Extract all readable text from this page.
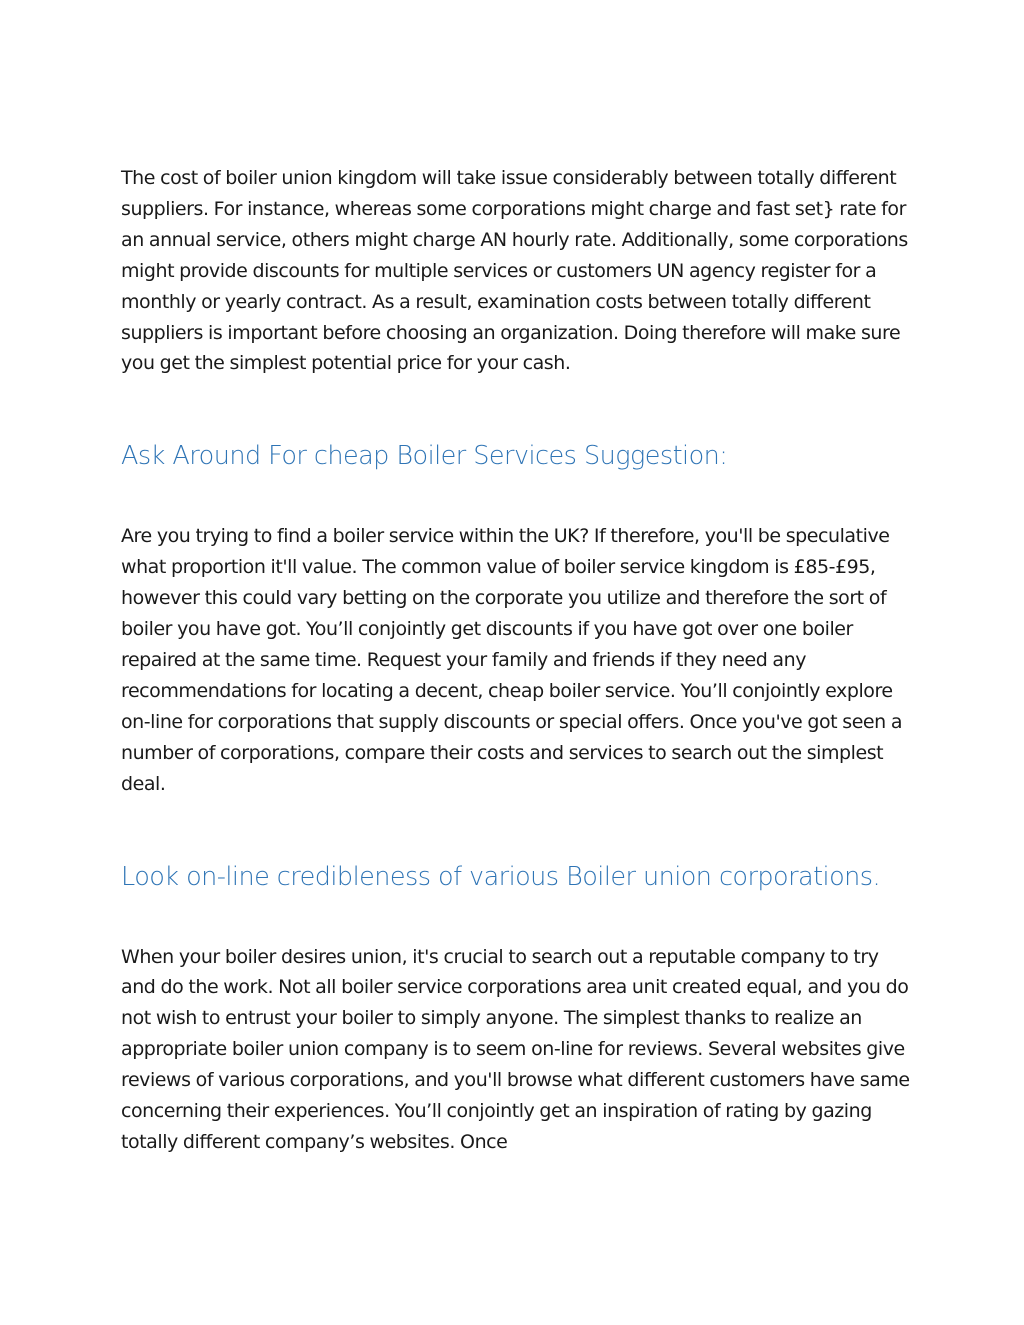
The cost of boiler union kingdom will take issue considerably between totally different suppliers. For instance, whereas some corporations might charge and fast set} rate for an annual service, others might charge AN hourly rate. Additionally, some corporations might provide discounts for multiple services or customers UN agency register for a monthly or yearly contract. As a result, examination costs between totally different suppliers is important before choosing an organization. Doing therefore will make sure you get the simplest potential price for your cash.

Ask Around For cheap Boiler Services Suggestion:

Are you trying to find a boiler service within the UK? If therefore, you'll be speculative what proportion it'll value. The common value of boiler service kingdom is £85-£95, however this could vary betting on the corporate you utilize and therefore the sort of boiler you have got. You’ll conjointly get discounts if you have got over one boiler repaired at the same time. Request your family and friends if they need any recommendations for locating a decent, cheap boiler service. You’ll conjointly explore on-line for corporations that supply discounts or special offers. Once you've got seen a number of corporations, compare their costs and services to search out the simplest deal.

Look on-line credibleness of various Boiler union corporations.

When your boiler desires union, it's crucial to search out a reputable company to try and do the work. Not all boiler service corporations area unit created equal, and you do not wish to entrust your boiler to simply anyone. The simplest thanks to realize an appropriate boiler union company is to seem on-line for reviews. Several websites give reviews of various corporations, and you'll browse what different customers have same concerning their experiences. You’ll conjointly get an inspiration of rating by gazing totally different company’s websites. Once
